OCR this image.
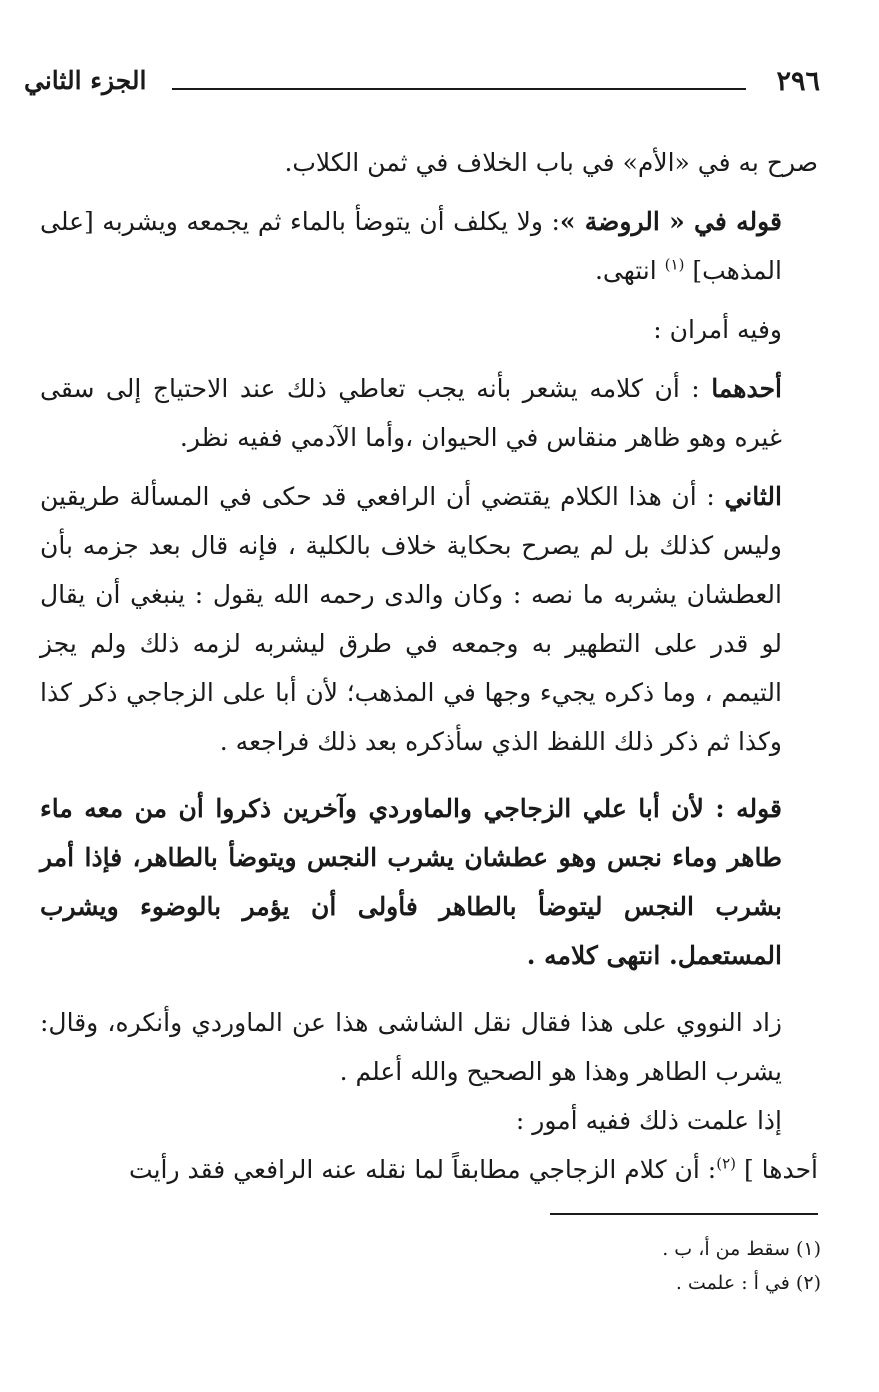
٢٩٦
الجزء الثاني

صرح به في «الأم» في باب الخلاف في ثمن الكلاب.

قوله في « الروضة »: ولا يكلف أن يتوضأ بالماء ثم يجمعه ويشربه [على المذهب] $^{(١)}$ انتهى.

وفيه أمران :

أحدهما : أن كلامه يشعر بأنه يجب تعاطي ذلك عند الاحتياج إلى سقى غيره وهو ظاهر منقاس في الحيوان ،وأما الآدمي ففيه نظر.

الثاني : أن هذا الكلام يقتضي أن الرافعي قد حكى في المسألة طريقين وليس كذلك بل لم يصرح بحكاية خلاف بالكلية ، فإنه قال بعد جزمه بأن العطشان يشربه ما نصه : وكان والدى رحمه الله يقول : ينبغي أن يقال لو قدر على التطهير به وجمعه في طرق ليشربه لزمه ذلك ولم يجز التيمم ، وما ذكره يجيء وجها في المذهب؛ لأن أبا على الزجاجي ذكر كذا وكذا ثم ذكر ذلك اللفظ الذي سأذكره بعد ذلك فراجعه .

قوله : لأن أبا علي الزجاجي والماوردي وآخرين ذكروا أن من معه ماء طاهر وماء نجس وهو عطشان يشرب النجس ويتوضأ بالطاهر، فإذا أمر بشرب النجس ليتوضأ بالطاهر فأولى أن يؤمر بالوضوء ويشرب المستعمل. انتهى كلامه .

زاد النووي على هذا فقال نقل الشاشى هذا عن الماوردي وأنكره، وقال: يشرب الطاهر وهذا هو الصحيح والله أعلم .

إذا علمت ذلك ففيه أمور :

أحدها ] $^{(٢)}$: أن كلام الزجاجي مطابقاً لما نقله عنه الرافعي فقد رأيت

(١) سقط من أ، ب .

(٢) في أ : علمت .
